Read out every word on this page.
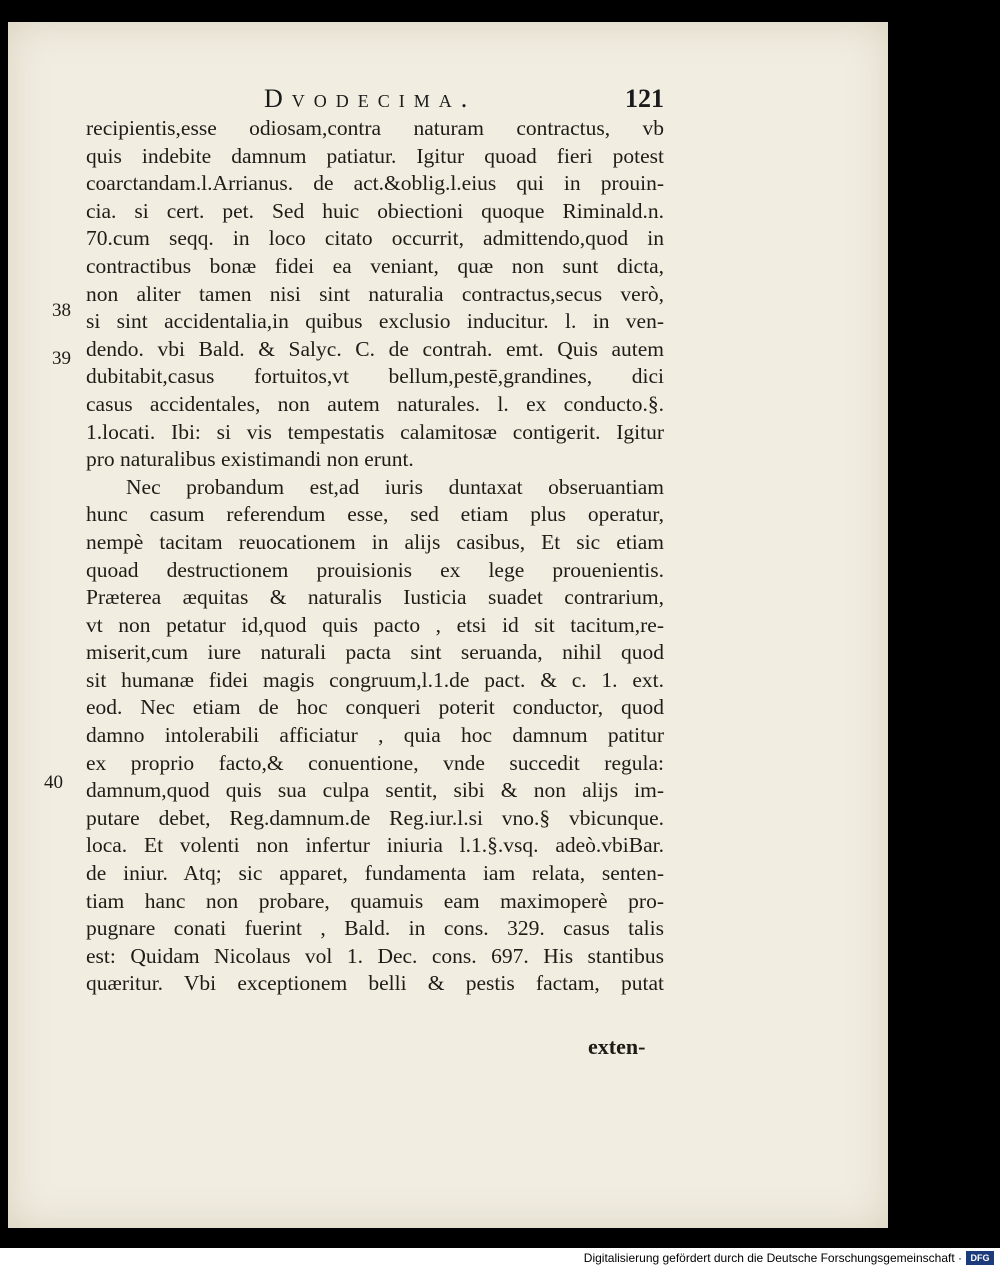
Dvodecima.	121
38
39
40
recipientis,esse odiosam,contra naturam contractus, vb
quis indebite damnum patiatur. Igitur quoad fieri potest
coarctandam.l.Arrianus. de act.&oblig.l.eius qui in prouin-
cia. si cert. pet. Sed huic obiectioni quoque Riminald.n.
70.cum seqq. in loco citato occurrit, admittendo,quod in
contractibus bonæ fidei ea veniant, quæ non sunt dicta,
non aliter tamen nisi sint naturalia contractus,secus verò,
si sint accidentalia,in quibus exclusio inducitur. l. in ven-
dendo. vbi Bald. & Salyc. C. de contrah. emt. Quis autem
dubitabit,casus fortuitos,vt bellum,pestē,grandines, dici
casus accidentales, non autem naturales. l. ex conducto.§.
1.locati. Ibi: si vis tempestatis calamitosæ contigerit. Igitur
pro naturalibus existimandi non erunt.
Nec probandum est,ad iuris duntaxat obseruantiam
hunc casum referendum esse, sed etiam plus operatur,
nempè tacitam reuocationem in alijs casibus, Et sic etiam
quoad destructionem prouisionis ex lege prouenientis.
Præterea æquitas & naturalis Iusticia suadet contrarium,
vt non petatur id,quod quis pacto , etsi id sit tacitum,re-
miserit,cum iure naturali pacta sint seruanda, nihil quod
sit humanæ fidei magis congruum,l.1.de pact. & c. 1. ext.
eod. Nec etiam de hoc conqueri poterit conductor, quod
damno intolerabili afficiatur , quia hoc damnum patitur
ex proprio facto,& conuentione, vnde succedit regula:
damnum,quod quis sua culpa sentit, sibi & non alijs im-
putare debet, Reg.damnum.de Reg.iur.l.si vno.§ vbicunque.
loca. Et volenti non infertur iniuria l.1.§.vsq. adeò.vbiBar.
de iniur. Atq; sic apparet, fundamenta iam relata, senten-
tiam hanc non probare, quamuis eam maximoperè pro-
pugnare conati fuerint , Bald. in cons. 329. casus talis
est: Quidam Nicolaus vol 1. Dec. cons. 697. His stantibus
quæritur. Vbi exceptionem belli & pestis factam, putat
exten-
Digitalisierung gefördert durch die Deutsche Forschungsgemeinschaft · DFG
